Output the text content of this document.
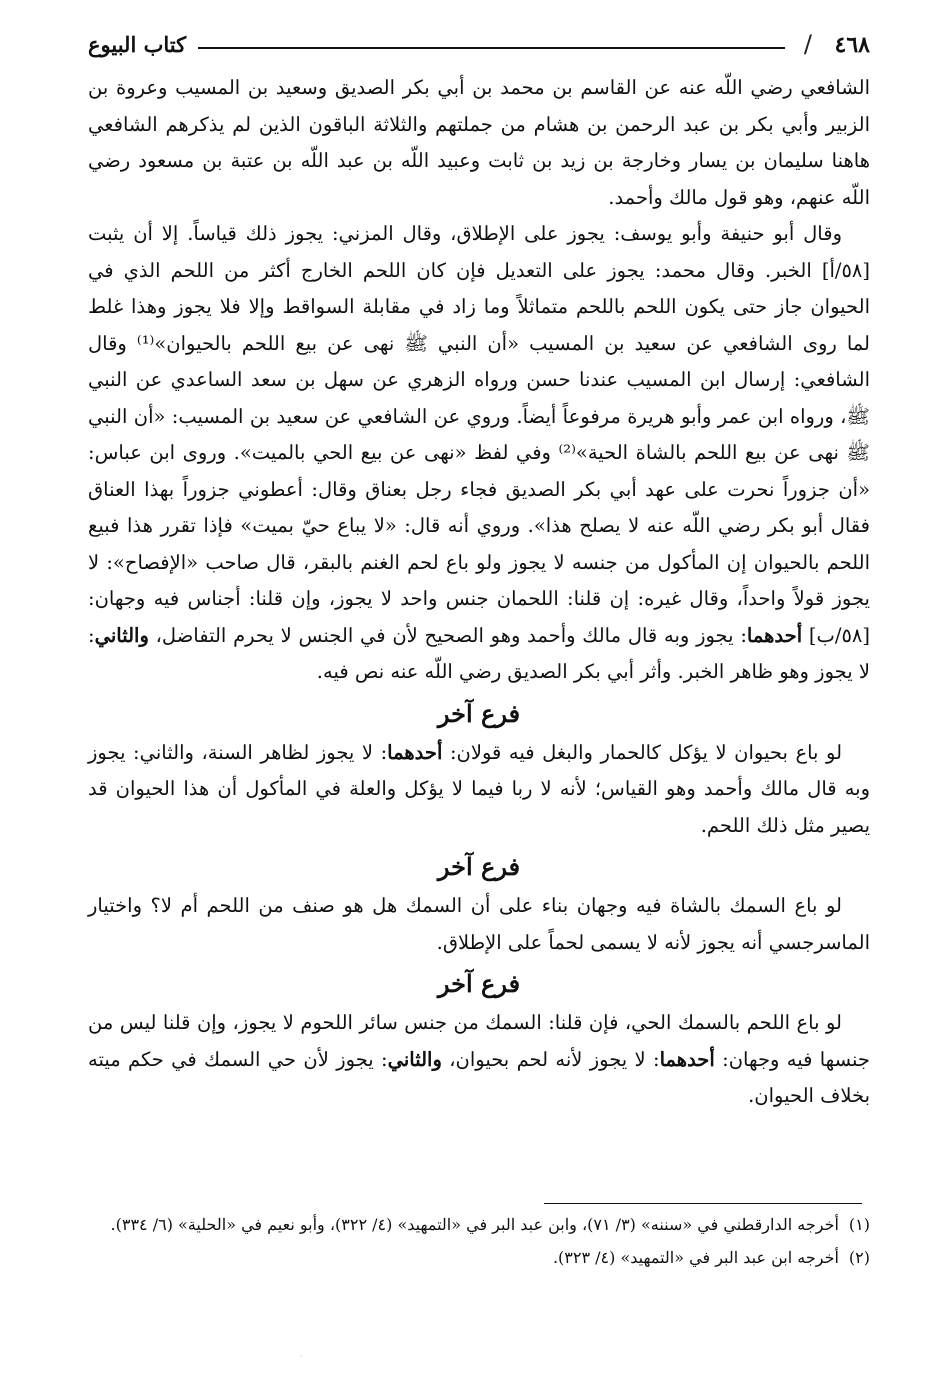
٤٦٨
/
كتاب البيوع

الشافعي رضي اللّه عنه عن القاسم بن محمد بن أبي بكر الصديق وسعيد بن المسيب وعروة بن الزبير وأبي بكر بن عبد الرحمن بن هشام من جملتهم والثلاثة الباقون الذين لم يذكرهم الشافعي هاهنا سليمان بن يسار وخارجة بن زيد بن ثابت وعبيد اللّه بن عبد اللّه بن عتبة بن مسعود رضي اللّه عنهم، وهو قول مالك وأحمد.

وقال أبو حنيفة وأبو يوسف: يجوز على الإطلاق، وقال المزني: يجوز ذلك قياساً. إلا أن يثبت [٥٨/أ] الخبر. وقال محمد: يجوز على التعديل فإن كان اللحم الخارج أكثر من اللحم الذي في الحيوان جاز حتى يكون اللحم باللحم متماثلاً وما زاد في مقابلة السواقط وإلا فلا يجوز وهذا غلط لما روى الشافعي عن سعيد بن المسيب «أن النبي ﷺ نهى عن بيع اللحم بالحيوان»⁽¹⁾ وقال الشافعي: إرسال ابن المسيب عندنا حسن ورواه الزهري عن سهل بن سعد الساعدي عن النبي ﷺ، ورواه ابن عمر وأبو هريرة مرفوعاً أيضاً. وروي عن الشافعي عن سعيد بن المسيب: «أن النبي ﷺ نهى عن بيع اللحم بالشاة الحية»⁽²⁾ وفي لفظ «نهى عن بيع الحي بالميت». وروى ابن عباس: «أن جزوراً نحرت على عهد أبي بكر الصديق فجاء رجل بعناق وقال: أعطوني جزوراً بهذا العناق فقال أبو بكر رضي اللّه عنه لا يصلح هذا». وروي أنه قال: «لا يباع حيّ بميت» فإذا تقرر هذا فبيع اللحم بالحيوان إن المأكول من جنسه لا يجوز ولو باع لحم الغنم بالبقر، قال صاحب «الإفصاح»: لا يجوز قولاً واحداً، وقال غيره: إن قلنا: اللحمان جنس واحد لا يجوز، وإن قلنا: أجناس فيه وجهان: [٥٨/ب] أحدهما: يجوز وبه قال مالك وأحمد وهو الصحيح لأن في الجنس لا يحرم التفاضل، والثاني: لا يجوز وهو ظاهر الخبر. وأثر أبي بكر الصديق رضي اللّه عنه نص فيه.

فرع آخر

لو باع بحيوان لا يؤكل كالحمار والبغل فيه قولان: أحدهما: لا يجوز لظاهر السنة، والثاني: يجوز وبه قال مالك وأحمد وهو القياس؛ لأنه لا ربا فيما لا يؤكل والعلة في المأكول أن هذا الحيوان قد يصير مثل ذلك اللحم.

فرع آخر

لو باع السمك بالشاة فيه وجهان بناء على أن السمك هل هو صنف من اللحم أم لا؟ واختيار الماسرجسي أنه يجوز لأنه لا يسمى لحماً على الإطلاق.

فرع آخر

لو باع اللحم بالسمك الحي، فإن قلنا: السمك من جنس سائر اللحوم لا يجوز، وإن قلنا ليس من جنسها فيه وجهان: أحدهما: لا يجوز لأنه لحم بحيوان، والثاني: يجوز لأن حي السمك في حكم ميته بخلاف الحيوان.

(١)أخرجه الدارقطني في «سننه» (٣/ ٧١)، وابن عبد البر في «التمهيد» (٤/ ٣٢٢)، وأبو نعيم في «الحلية» (٦/ ٣٣٤).

(٢)أخرجه ابن عبد البر في «التمهيد» (٤/ ٣٢٣).

·
